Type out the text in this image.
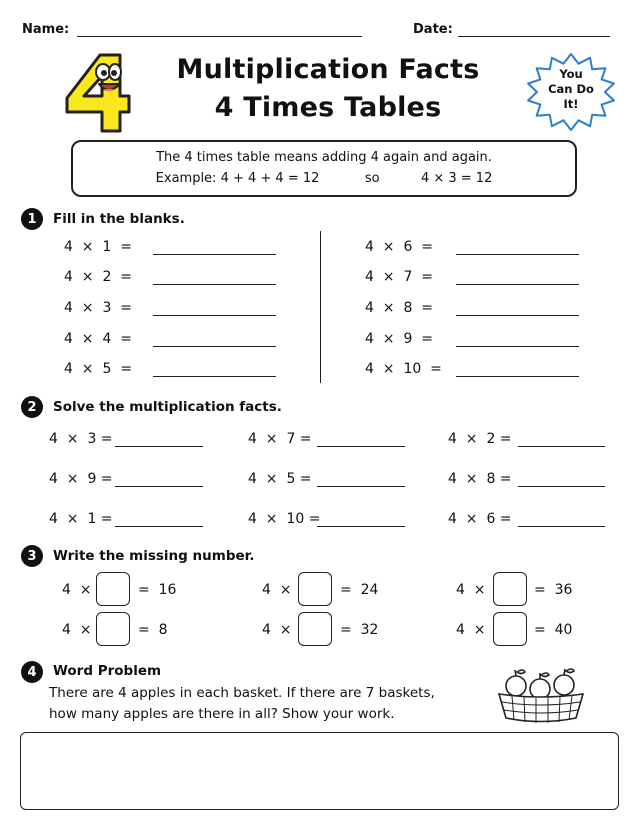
Name:	Date:
Multiplication Facts
4 Times Tables
You
Can Do
It!
The 4 times table means adding 4 again and again.
Example: 4 + 4 + 4 = 12	so	4 × 3 = 12
1	Fill in the blanks.
4  ×  1  =
4  ×  2  =
4  ×  3  =
4  ×  4  =
4  ×  5  =
4  ×  6  =
4  ×  7  =
4  ×  8  =
4  ×  9  =
4  ×  10  =
2	Solve the multiplication facts.
4  ×  3 =	4  ×  7 =	4  ×  2 =
4  ×  9 =	4  ×  5 =	4  ×  8 =
4  ×  1 =	4  ×  10 =	4  ×  6 =
3	Write the missing number.
4  ×	=  16	4  ×	=  24	4  ×	=  36
4  ×	=  8	4  ×	=  32	4  ×	=  40
4	Word Problem
There are 4 apples in each basket. If there are 7 baskets,
how many apples are there in all? Show your work.
